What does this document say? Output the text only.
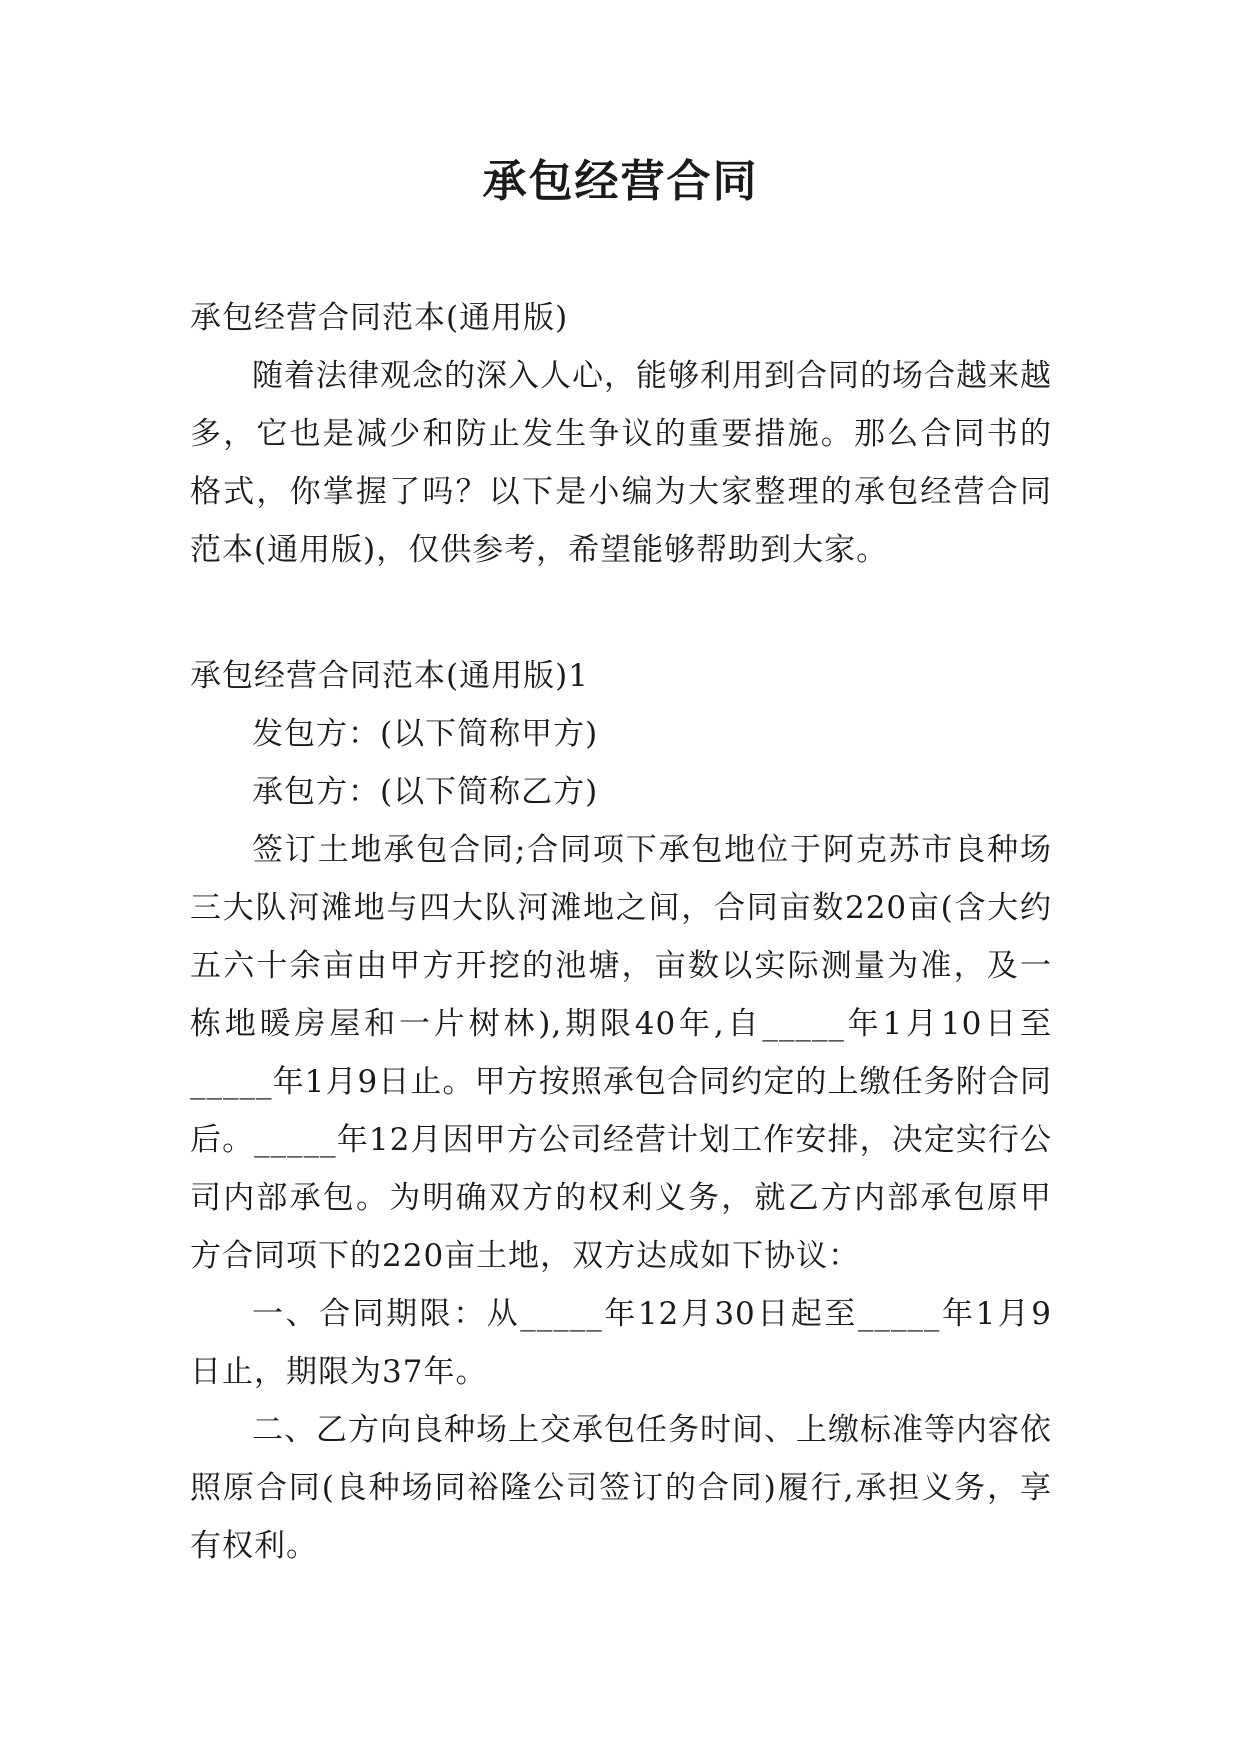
承包经营合同

承包经营合同范本(通用版)

随着法律观念的深入人心，能够利用到合同的场合越来越多，它也是减少和防止发生争议的重要措施。那么合同书的格式，你掌握了吗？以下是小编为大家整理的承包经营合同范本(通用版)，仅供参考，希望能够帮助到大家。

承包经营合同范本(通用版)1

发包方：(以下简称甲方)

承包方：(以下简称乙方)

签订土地承包合同;合同项下承包地位于阿克苏市良种场三大队河滩地与四大队河滩地之间，合同亩数220亩(含大约五六十余亩由甲方开挖的池塘，亩数以实际测量为准，及一栋地暖房屋和一片树林),期限40年,自_____年1月10日至_____年1月9日止。甲方按照承包合同约定的上缴任务附合同后。_____年12月因甲方公司经营计划工作安排，决定实行公司内部承包。为明确双方的权利义务，就乙方内部承包原甲方合同项下的220亩土地，双方达成如下协议：

一、合同期限：从_____年12月30日起至_____年1月9日止，期限为37年。

二、乙方向良种场上交承包任务时间、上缴标准等内容依照原合同(良种场同裕隆公司签订的合同)履行,承担义务，享有权利。
